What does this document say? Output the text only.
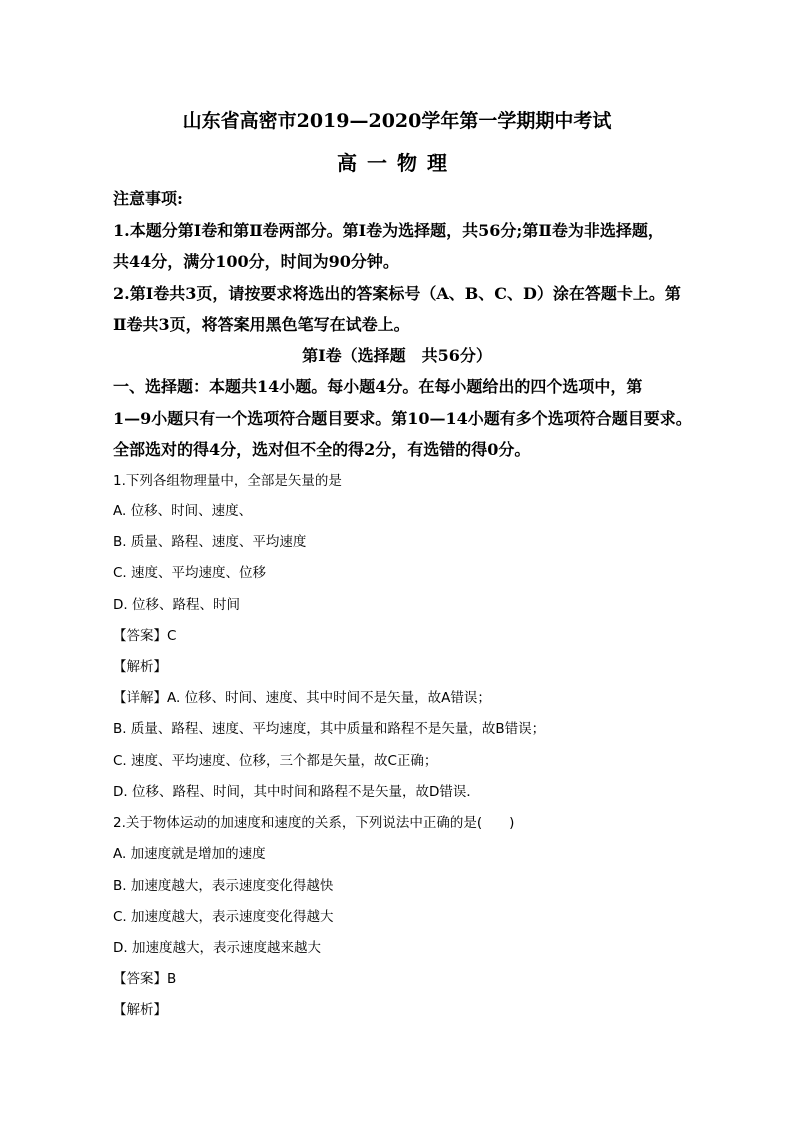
山东省高密市2019—2020学年第一学期期中考试
高一物理
注意事项:
1.本题分第Ⅰ卷和第Ⅱ卷两部分。第Ⅰ卷为选择题，共56分;第Ⅱ卷为非选择题，
共44分，满分100分，时间为90分钟。
2.第Ⅰ卷共3页，请按要求将选出的答案标号（A、B、C、D）涂在答题卡上。第
Ⅱ卷共3页，将答案用黑色笔写在试卷上。
第Ⅰ卷（选择题　共56分）
一、选择题：本题共14小题。每小题4分。在每小题给出的四个选项中，第
1—9小题只有一个选项符合题目要求。第10—14小题有多个选项符合题目要求。
全部选对的得4分，选对但不全的得2分，有选错的得0分。
1.下列各组物理量中，全部是矢量的是
A. 位移、时间、速度、
B. 质量、路程、速度、平均速度
C. 速度、平均速度、位移
D. 位移、路程、时间
【答案】C
【解析】
【详解】A. 位移、时间、速度、其中时间不是矢量，故A错误；
B. 质量、路程、速度、平均速度，其中质量和路程不是矢量，故B错误；
C. 速度、平均速度、位移，三个都是矢量，故C正确；
D. 位移、路程、时间，其中时间和路程不是矢量，故D错误．
2.关于物体运动的加速度和速度的关系，下列说法中正确的是(　　)
A. 加速度就是增加的速度
B. 加速度越大，表示速度变化得越快
C. 加速度越大，表示速度变化得越大
D. 加速度越大，表示速度越来越大
【答案】B
【解析】
